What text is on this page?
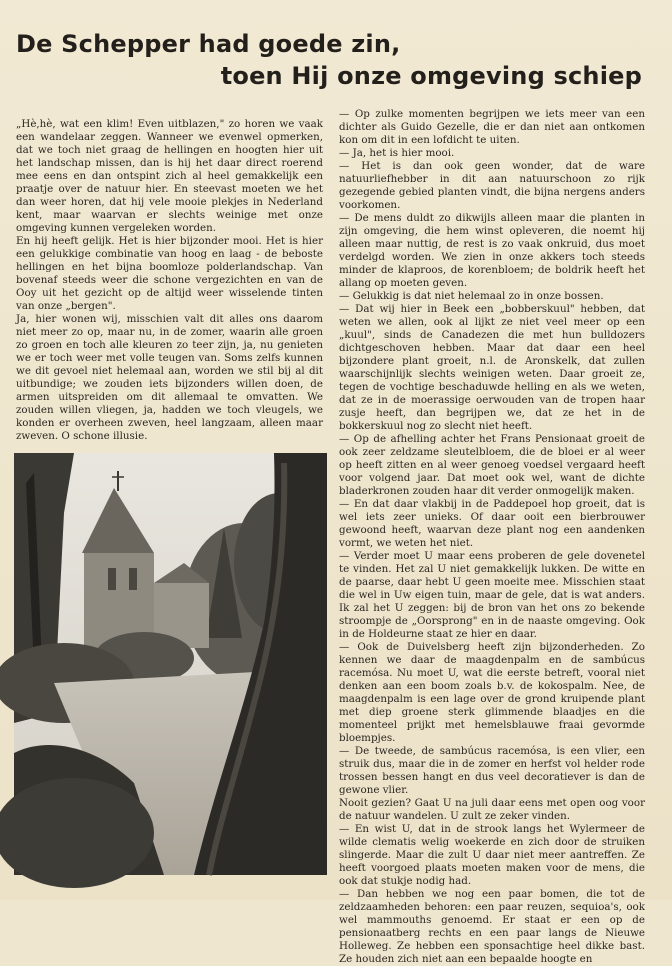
De Schepper had goede zin,
toen Hij onze omgeving schiep

„Hè,hè, wat een klim! Even uitblazen," zo horen we vaak een wandelaar zeggen. Wanneer we evenwel opmerken, dat we toch niet graag de hellingen en hoogten hier uit het landschap missen, dan is hij het daar direct roerend mee eens en dan ontspint zich al heel gemakkelijk een praatje over de natuur hier. En steevast moeten we het dan weer horen, dat hij vele mooie plekjes in Nederland kent, maar waarvan er slechts weinige met onze omgeving kunnen vergeleken worden.

En hij heeft gelijk. Het is hier bijzonder mooi. Het is hier een gelukkige combinatie van hoog en laag - de beboste hellingen en het bijna boomloze polderlandschap. Van bovenaf steeds weer die schone vergezichten en van de Ooy uit het gezicht op de altijd weer wisselende tinten van onze „bergen".

Ja, hier wonen wij, misschien valt dit alles ons daarom niet meer zo op, maar nu, in de zomer, waarin alle groen zo groen en toch alle kleuren zo teer zijn, ja, nu genieten we er toch weer met volle teugen van. Soms zelfs kunnen we dit gevoel niet helemaal aan, worden we stil bij al dit uitbundige; we zouden iets bijzonders willen doen, de armen uitspreiden om dit allemaal te omvatten. We zouden willen vliegen, ja, hadden we toch vleugels, we konden er overheen zweven, heel langzaam, alleen maar zweven. O schone illusie.

— Op zulke momenten begrijpen we iets meer van een dichter als Guido Gezelle, die er dan niet aan ontkomen kon om dit in een lofdicht te uiten.

— Ja, het is hier mooi.

— Het is dan ook geen wonder, dat de ware natuurliefhebber in dit aan natuurschoon zo rijk gezegende gebied planten vindt, die bijna nergens anders voorkomen.

— De mens duldt zo dikwijls alleen maar die planten in zijn omgeving, die hem winst opleveren, die noemt hij alleen maar nuttig, de rest is zo vaak onkruid, dus moet verdelgd worden. We zien in onze akkers toch steeds minder de klaproos, de korenbloem; de boldrik heeft het allang op moeten geven.

— Gelukkig is dat niet helemaal zo in onze bossen.

— Dat wij hier in Beek een „bobberskuul" hebben, dat weten we allen, ook al lijkt ze niet veel meer op een „kuul", sinds de Canadezen die met hun bulldozers dichtgeschoven hebben. Maar dat daar een heel bijzondere plant groeit, n.l. de Aronskelk, dat zullen waarschijnlijk slechts weinigen weten. Daar groeit ze, tegen de vochtige beschaduwde helling en als we weten, dat ze in de moerassige oerwouden van de tropen haar zusje heeft, dan begrijpen we, dat ze het in de bokkerskuul nog zo slecht niet heeft.

— Op de afhelling achter het Frans Pensionaat groeit de ook zeer zeldzame sleutelbloem, die de bloei er al weer op heeft zitten en al weer genoeg voedsel vergaard heeft voor volgend jaar. Dat moet ook wel, want de dichte bladerkronen zouden haar dit verder onmogelijk maken.

— En dat daar vlakbij in de Paddepoel hop groeit, dat is wel iets zeer unieks. Of daar ooit een bierbrouwer gewoond heeft, waarvan deze plant nog een aandenken vormt, we weten het niet.

— Verder moet U maar eens proberen de gele dovenetel te vinden. Het zal U niet gemakkelijk lukken. De witte en de paarse, daar hebt U geen moeite mee. Misschien staat die wel in Uw eigen tuin, maar de gele, dat is wat anders. Ik zal het U zeggen: bij de bron van het ons zo bekende stroompje de „Oorsprong" en in de naaste omgeving. Ook in de Holdeurne staat ze hier en daar.

— Ook de Duivelsberg heeft zijn bijzonderheden. Zo kennen we daar de maagdenpalm en de sambúcus racemósa. Nu moet U, wat die eerste betreft, vooral niet denken aan een boom zoals b.v. de kokospalm. Nee, de maagdenpalm is een lage over de grond kruipende plant met diep groene sterk glimmende blaadjes en die momenteel prijkt met hemelsblauwe fraai gevormde bloempjes.

— De tweede, de sambúcus racemósa, is een vlier, een struik dus, maar die in de zomer en herfst vol helder rode trossen bessen hangt en dus veel decoratiever is dan de gewone vlier.

Nooit gezien? Gaat U na juli daar eens met open oog voor de natuur wandelen. U zult ze zeker vinden.

— En wist U, dat in de strook langs het Wylermeer de wilde clematis welig woekerde en zich door de struiken slingerde. Maar die zult U daar niet meer aantreffen. Ze heeft voorgoed plaats moeten maken voor de mens, die ook dat stukje nodig had.

— Dan hebben we nog een paar bomen, die tot de zeldzaamheden behoren: een paar reuzen, sequioa's, ook wel mammouths genoemd. Er staat er een op de pensionaatberg rechts en een paar langs de Nieuwe Holleweg. Ze hebben een sponsachtige heel dikke bast. Ze houden zich niet aan een bepaalde hoogte en
